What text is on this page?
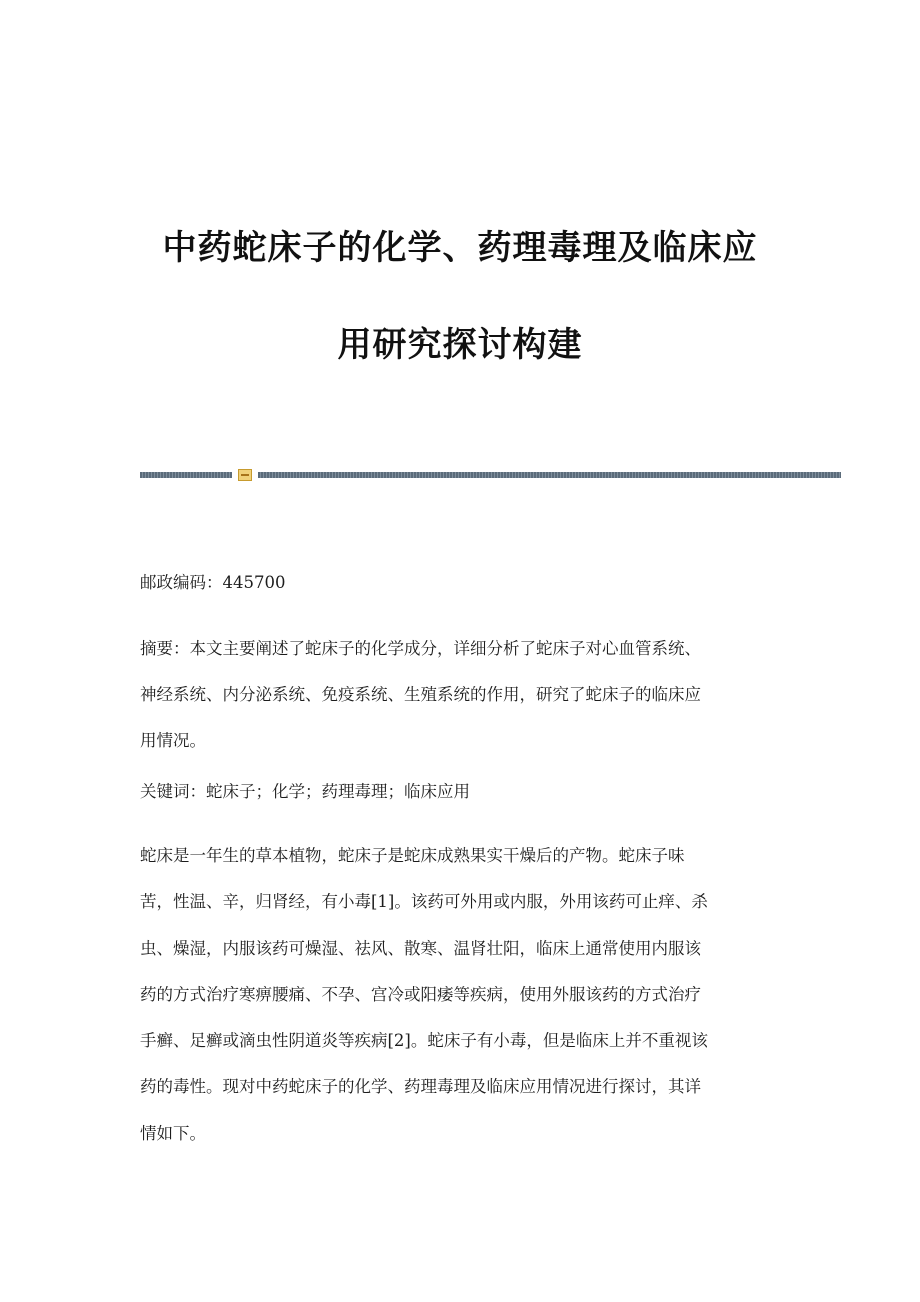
中药蛇床子的化学、药理毒理及临床应
用研究探讨构建

邮政编码：445700

摘要：本文主要阐述了蛇床子的化学成分，详细分析了蛇床子对心血管系统、
神经系统、内分泌系统、免疫系统、生殖系统的作用，研究了蛇床子的临床应
用情况。

关键词：蛇床子；化学；药理毒理；临床应用

蛇床是一年生的草本植物，蛇床子是蛇床成熟果实干燥后的产物。蛇床子味
苦，性温、辛，归肾经，有小毒[1]。该药可外用或内服，外用该药可止痒、杀
虫、燥湿，内服该药可燥湿、祛风、散寒、温肾壮阳，临床上通常使用内服该
药的方式治疗寒痹腰痛、不孕、宫冷或阳痿等疾病，使用外服该药的方式治疗
手癣、足癣或滴虫性阴道炎等疾病[2]。蛇床子有小毒，但是临床上并不重视该
药的毒性。现对中药蛇床子的化学、药理毒理及临床应用情况进行探讨，其详
情如下。
